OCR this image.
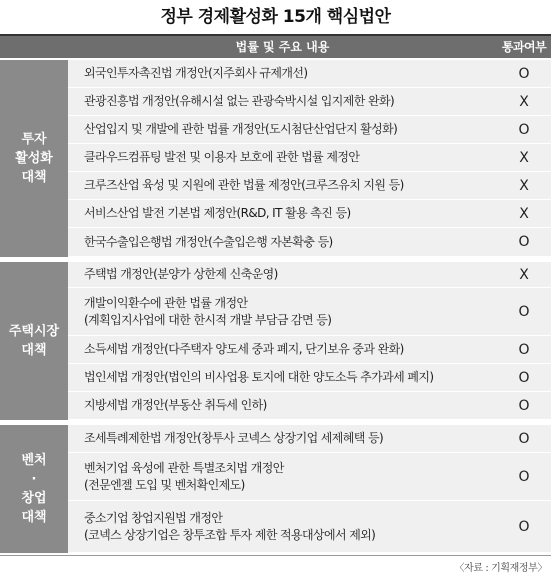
정부 경제활성화 15개 핵심법안
법률 및 주요 내용	통과여부
투자
활성화
대책
외국인투자촉진법 개정안(지주회사 규제개선)	O
관광진흥법 개정안(유해시설 없는 관광숙박시설 입지제한 완화)	X
산업입지 및 개발에 관한 법률 개정안(도시첨단산업단지 활성화)	O
클라우드컴퓨팅 발전 및 이용자 보호에 관한 법률 제정안	X
크루즈산업 육성 및 지원에 관한 법률 제정안(크루즈유치 지원 등)	X
서비스산업 발전 기본법 제정안(R&D, IT 활용 촉진 등)	X
한국수출입은행법 개정안(수출입은행 자본확충 등)	O
주택시장
대책
주택법 개정안(분양가 상한제 신축운영)	X
개발이익환수에 관한 법률 개정안
(계획입지사업에 대한 한시적 개발 부담금 감면 등)	O
소득세법 개정안(다주택자 양도세 중과 폐지, 단기보유 중과 완화)	O
법인세법 개정안(법인의 비사업용 토지에 대한 양도소득 추가과세 폐지)	O
지방세법 개정안(부동산 취득세 인하)	O
벤처
·
창업
대책
조세특례제한법 개정안(창투사 코넥스 상장기업 세제혜택 등)	O
벤처기업 육성에 관한 특별조치법 개정안
(전문엔젤 도입 및 벤처확인제도)	O
중소기업 창업지원법 개정안
(코넥스 상장기업은 창투조합 투자 제한 적용대상에서 제외)	O
〈자료 : 기획재정부〉
